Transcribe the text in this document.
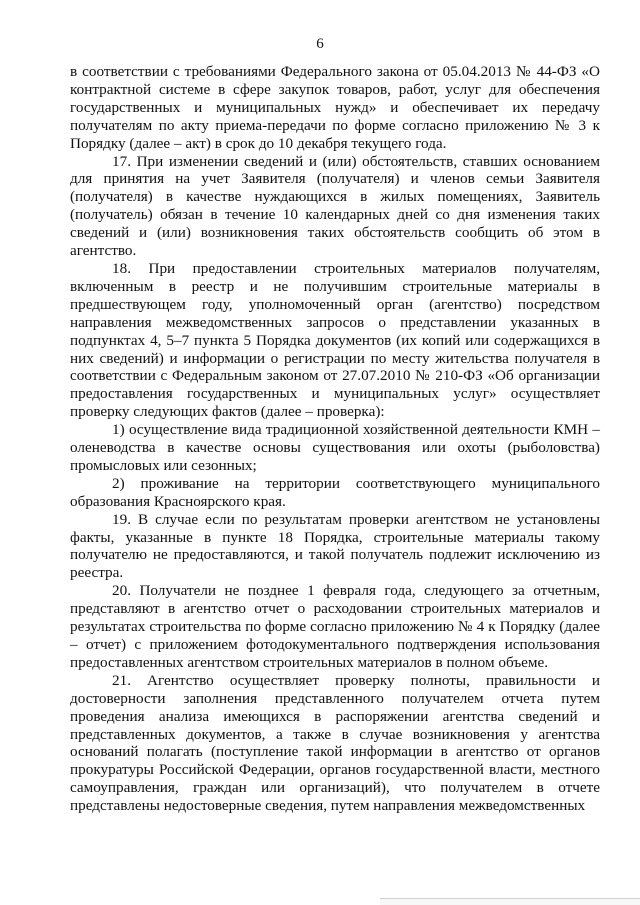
6

в соответствии с требованиями Федерального закона от 05.04.2013 № 44-ФЗ «О контрактной системе в сфере закупок товаров, работ, услуг для обеспечения государственных и муниципальных нужд» и обеспечивает их передачу получателям по акту приема-передачи по форме согласно приложению № 3 к Порядку (далее – акт) в срок до 10 декабря текущего года.

17. При изменении сведений и (или) обстоятельств, ставших основанием для принятия на учет Заявителя (получателя) и членов семьи Заявителя (получателя) в качестве нуждающихся в жилых помещениях, Заявитель (получатель) обязан в течение 10 календарных дней со дня изменения таких сведений и (или) возникновения таких обстоятельств сообщить об этом в агентство.

18. При предоставлении строительных материалов получателям, включенным в реестр и не получившим строительные материалы в предшествующем году, уполномоченный орган (агентство) посредством направления межведомственных запросов о представлении указанных в подпунктах 4, 5–7 пункта 5 Порядка документов (их копий или содержащихся в них сведений) и информации о регистрации по месту жительства получателя в соответствии с Федеральным законом от 27.07.2010 № 210-ФЗ «Об организации предоставления государственных и муниципальных услуг» осуществляет проверку следующих фактов (далее – проверка):

1) осуществление вида традиционной хозяйственной деятельности КМН – оленеводства в качестве основы существования или охоты (рыболовства) промысловых или сезонных;

2) проживание на территории соответствующего муниципального образования Красноярского края.

19. В случае если по результатам проверки агентством не установлены факты, указанные в пункте 18 Порядка, строительные материалы такому получателю не предоставляются, и такой получатель подлежит исключению из реестра.

20. Получатели не позднее 1 февраля года, следующего за отчетным, представляют в агентство отчет о расходовании строительных материалов и результатах строительства по форме согласно приложению № 4 к Порядку (далее – отчет) с приложением фотодокументального подтверждения использования предоставленных агентством строительных материалов в полном объеме.

21. Агентство осуществляет проверку полноты, правильности и достоверности заполнения представленного получателем отчета путем проведения анализа имеющихся в распоряжении агентства сведений и представленных документов, а также в случае возникновения у агентства оснований полагать (поступление такой информации в агентство от органов прокуратуры Российской Федерации, органов государственной власти, местного самоуправления, граждан или организаций), что получателем в отчете представлены недостоверные сведения, путем направления межведомственных
